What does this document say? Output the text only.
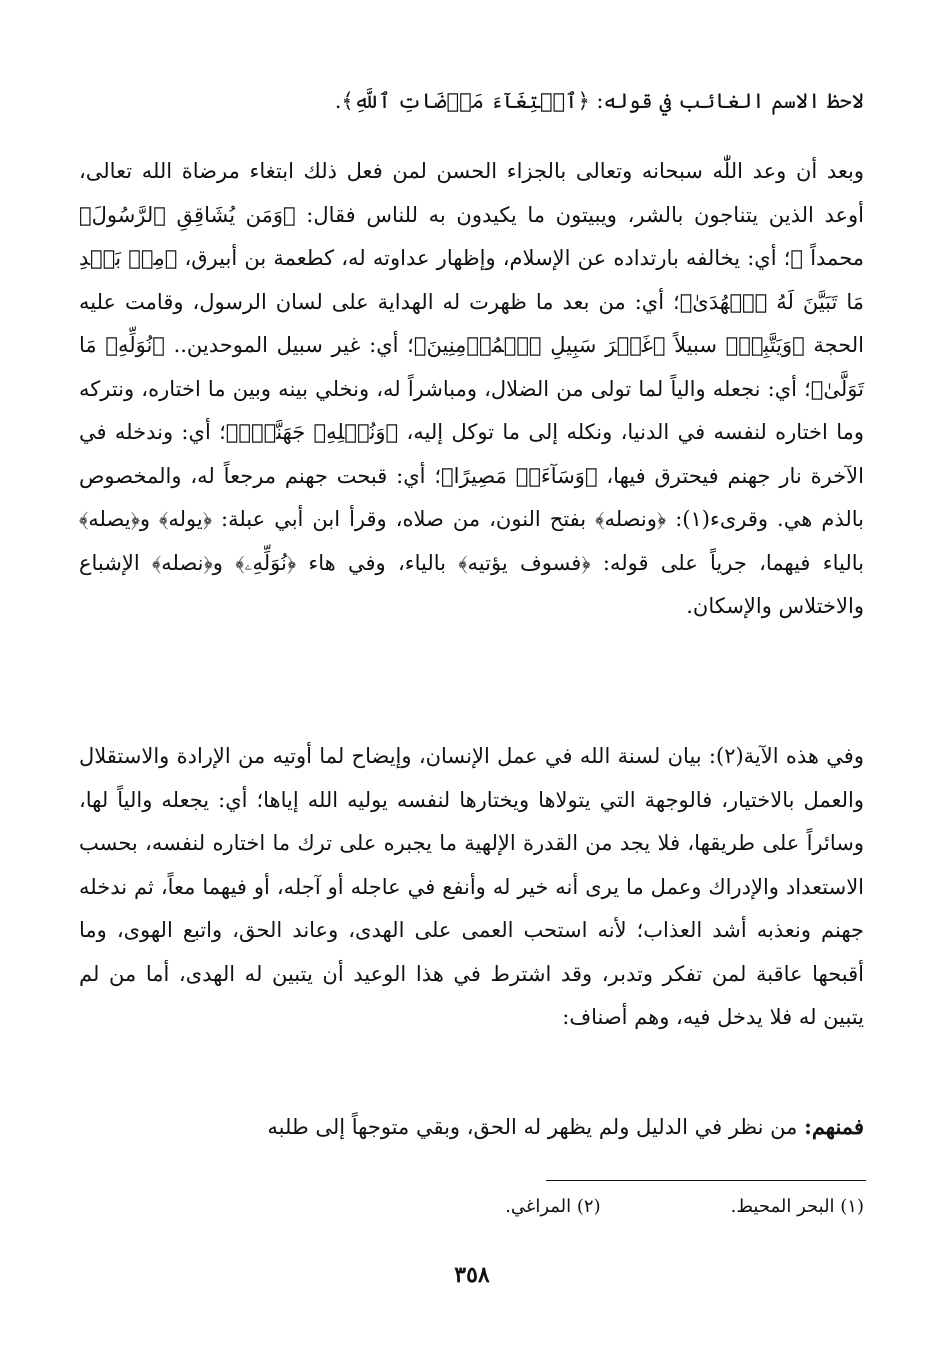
لاحظ الاسم الغائب في قوله: ﴿ٱبۡتِغَآءَ مَرۡضَاتِ ٱللَّهِ﴾.

وبعد أن وعد اللّٰه سبحانه وتعالى بالجزاء الحسن لمن فعل ذلك ابتغاء مرضاة الله تعالى، أوعد الذين يتناجون بالشر، ويبيتون ما يكيدون به للناس فقال: ﴿وَمَن يُشَاقِقِ ٱلرَّسُولَ﴾ محمداً ﷺ؛ أي: يخالفه بارتداده عن الإسلام، وإظهار عداوته له، كطعمة بن أبيرق، ﴿مِنۢ بَعۡدِ مَا تَبَيَّنَ لَهُ ٱلۡهُدَىٰ﴾؛ أي: من بعد ما ظهرت له الهداية على لسان الرسول، وقامت عليه الحجة ﴿وَيَتَّبِعۡ﴾ سبيلاً ﴿غَيۡرَ سَبِيلِ ٱلۡمُؤۡمِنِينَ﴾؛ أي: غير سبيل الموحدين.. ﴿نُوَلِّهِۦ مَا تَوَلَّىٰ﴾؛ أي: نجعله والياً لما تولى من الضلال، ومباشراً له، ونخلي بينه وبين ما اختاره، ونتركه وما اختاره لنفسه في الدنيا، ونكله إلى ما توكل إليه، ﴿وَنُصۡلِهِۦ جَهَنَّمَۖ﴾؛ أي: وندخله في الآخرة نار جهنم فيحترق فيها، ﴿وَسَآءَتۡ مَصِيرًا﴾؛ أي: قبحت جهنم مرجعاً له، والمخصوص بالذم هي. وقرىء(١): ﴿ونصله﴾ بفتح النون، من صلاه، وقرأ ابن أبي عبلة: ﴿يوله﴾ و﴿يصله﴾ بالياء فيهما، جرياً على قوله: ﴿فسوف يؤتيه﴾ بالياء، وفي هاء ﴿نُوَلِّهِۦ﴾ و﴿نصله﴾ الإشباع والاختلاس والإسكان.

وفي هذه الآية(٢): بيان لسنة الله في عمل الإنسان، وإيضاح لما أوتيه من الإرادة والاستقلال والعمل بالاختيار، فالوجهة التي يتولاها ويختارها لنفسه يوليه الله إياها؛ أي: يجعله والياً لها، وسائراً على طريقها، فلا يجد من القدرة الإلهية ما يجبره على ترك ما اختاره لنفسه، بحسب الاستعداد والإدراك وعمل ما يرى أنه خير له وأنفع في عاجله أو آجله، أو فيهما معاً، ثم ندخله جهنم ونعذبه أشد العذاب؛ لأنه استحب العمى على الهدى، وعاند الحق، واتبع الهوى، وما أقبحها عاقبة لمن تفكر وتدبر، وقد اشترط في هذا الوعيد أن يتبين له الهدى، أما من لم يتبين له فلا يدخل فيه، وهم أصناف:

فمنهم: من نظر في الدليل ولم يظهر له الحق، وبقي متوجهاً إلى طلبه

(١) البحر المحيط.(٢) المراغي.
٣٥٨
